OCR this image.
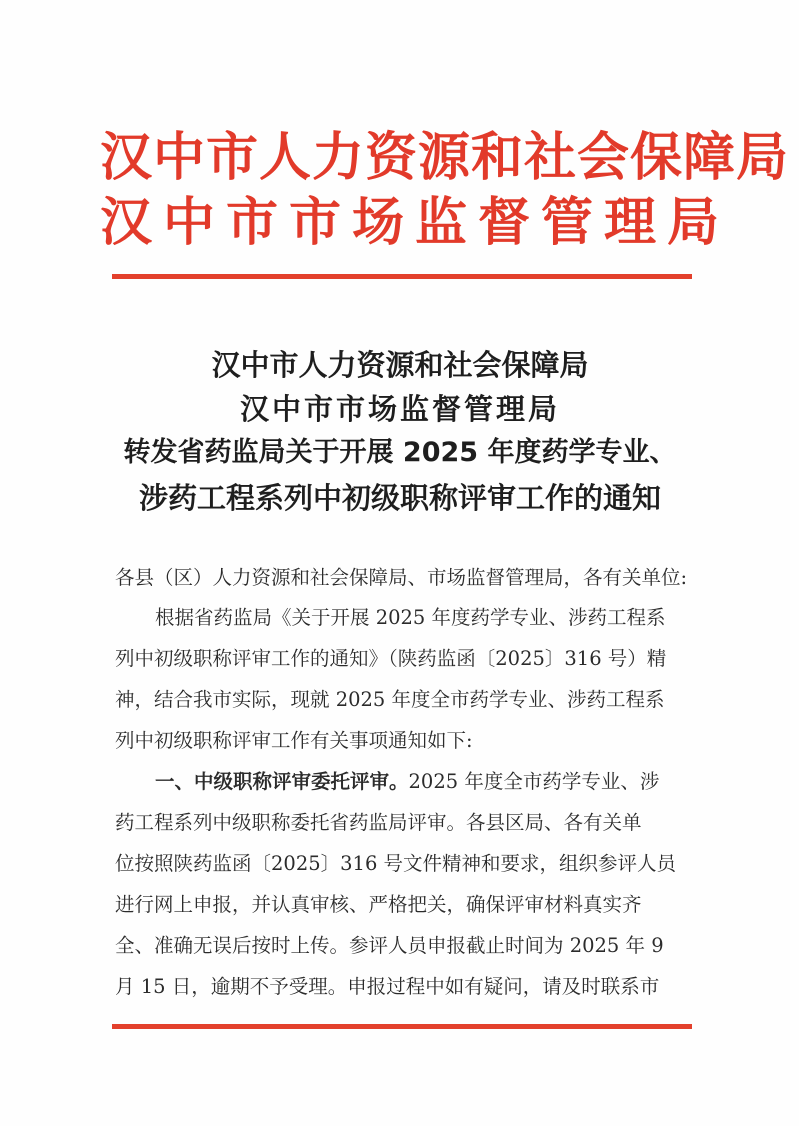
汉中市人力资源和社会保障局
汉中市市场监督管理局
汉中市人力资源和社会保障局
汉中市市场监督管理局
转发省药监局关于开展 2025 年度药学专业、
涉药工程系列中初级职称评审工作的通知
各县（区）人力资源和社会保障局、市场监督管理局，各有关单位:
根据省药监局《关于开展 2025 年度药学专业、涉药工程系
列中初级职称评审工作的通知》（陕药监函〔2025〕316 号）精
神，结合我市实际，现就 2025 年度全市药学专业、涉药工程系
列中初级职称评审工作有关事项通知如下:
一、中级职称评审委托评审。2025 年度全市药学专业、涉
药工程系列中级职称委托省药监局评审。各县区局、各有关单
位按照陕药监函〔2025〕316 号文件精神和要求，组织参评人员
进行网上申报，并认真审核、严格把关，确保评审材料真实齐
全、准确无误后按时上传。参评人员申报截止时间为 2025 年 9
月 15 日，逾期不予受理。申报过程中如有疑问，请及时联系市
